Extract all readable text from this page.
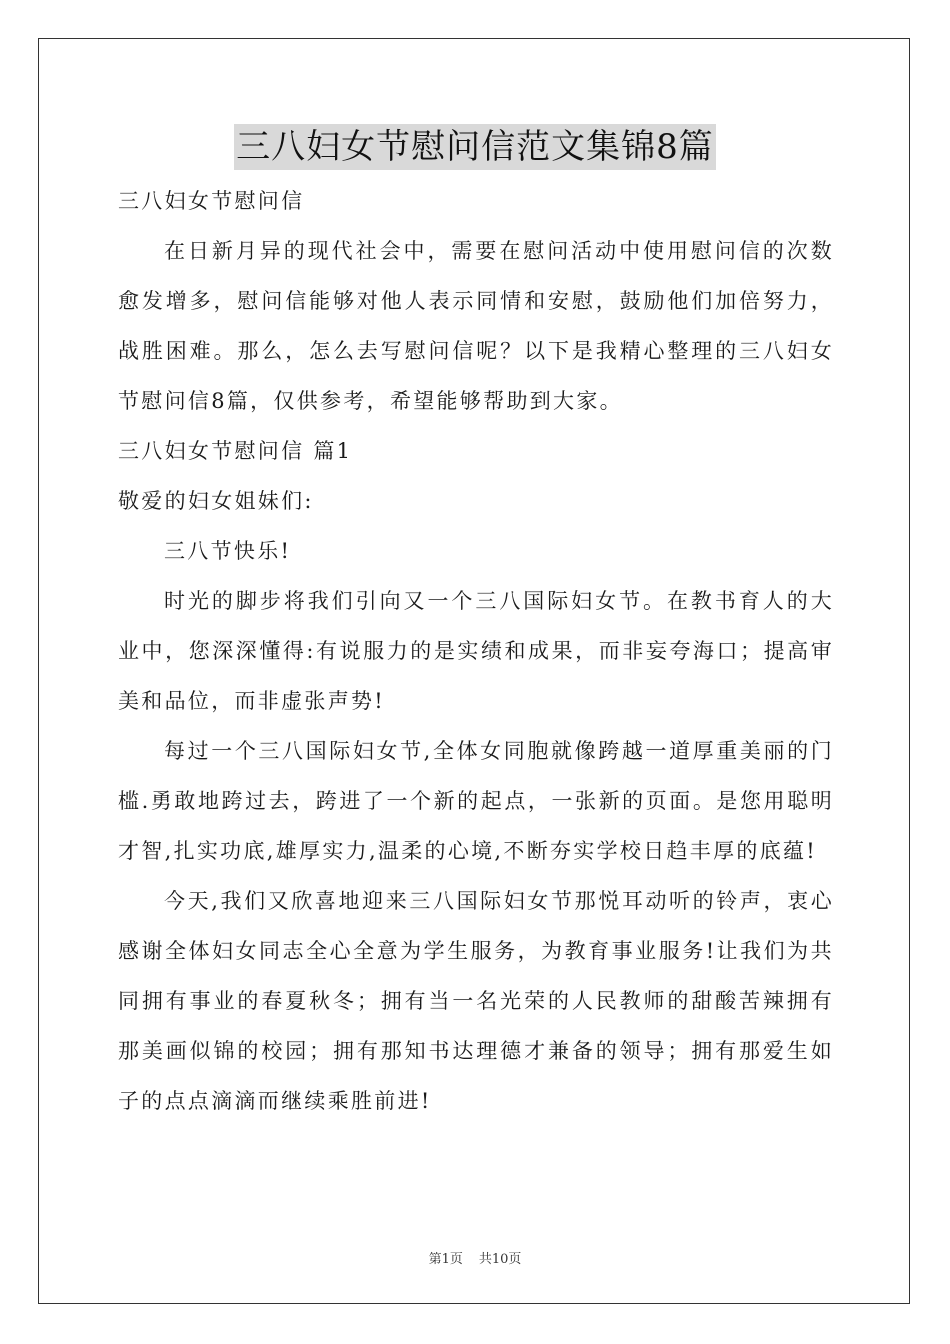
三八妇女节慰问信范文集锦8篇

三八妇女节慰问信

在日新月异的现代社会中，需要在慰问活动中使用慰问信的次数愈发增多，慰问信能够对他人表示同情和安慰，鼓励他们加倍努力，战胜困难。那么，怎么去写慰问信呢？以下是我精心整理的三八妇女节慰问信8篇，仅供参考，希望能够帮助到大家。

三八妇女节慰问信 篇1

敬爱的妇女姐妹们:

三八节快乐!

时光的脚步将我们引向又一个三八国际妇女节。在教书育人的大业中，您深深懂得:有说服力的是实绩和成果，而非妄夸海口；提高审美和品位，而非虚张声势!

每过一个三八国际妇女节,全体女同胞就像跨越一道厚重美丽的门槛.勇敢地跨过去，跨进了一个新的起点，一张新的页面。是您用聪明才智,扎实功底,雄厚实力,温柔的心境,不断夯实学校日趋丰厚的底蕴!

今天,我们又欣喜地迎来三八国际妇女节那悦耳动听的铃声，衷心感谢全体妇女同志全心全意为学生服务，为教育事业服务!让我们为共同拥有事业的春夏秋冬；拥有当一名光荣的人民教师的甜酸苦辣拥有那美画似锦的校园；拥有那知书达理德才兼备的领导；拥有那爱生如子的点点滴滴而继续乘胜前进!

第1页 共10页
